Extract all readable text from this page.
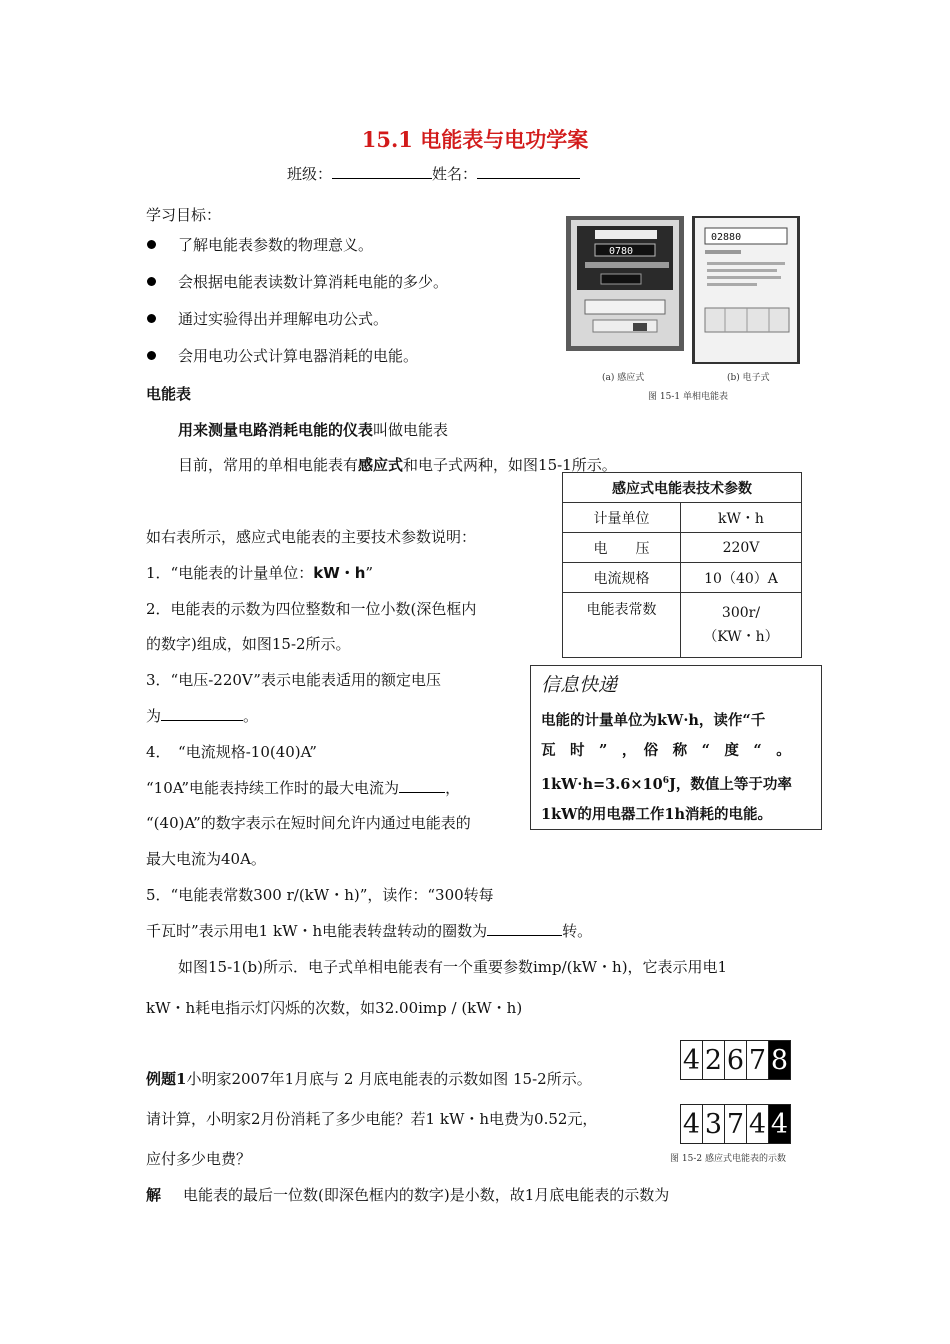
15.1 电能表与电功学案
班级：	姓名：
学习目标：
了解电能表参数的物理意义。
会根据电能表读数计算消耗电能的多少。
通过实验得出并理解电功公式。
会用电功公式计算电器消耗的电能。
0780
02880
(a) 感应式	(b) 电子式
图 15-1 单相电能表
电能表
用来测量电路消耗电能的仪表叫做电能表
目前，常用的单相电能表有感应式和电子式两种，如图15-1所示。
感应式电能表技术参数	
计量单位	kW・h
电　　压	220V
电流规格	10（40）A
电能表常数	300r/
（KW・h）
如右表所示，感应式电能表的主要技术参数说明：
1．“电能表的计量单位：kW・h”
2．电能表的示数为四位整数和一位小数(深色框内
的数字)组成，如图15-2所示。
3．“电压-220V”表示电能表适用的额定电压
为	。
4．　“电流规格-10(40)A”
“10A”电能表持续工作时的最大电流为	，
“(40)A”的数字表示在短时间允许内通过电能表的
最大电流为40A。
5．“电能表常数300 r/(kW・h)”，读作：“300转每
千瓦时”表示用电1 kW・h电能表转盘转动的圈数为	转。
信息快递
电能的计量单位为kW·h，读作“千
瓦　时　”　，　俗　称　“　度　“　。
$1kW\cdot h=3.6\times 10^6J$，数值上等于功率
1kW的用电器工作1h消耗的电能。
如图15-1(b)所示．电子式单相电能表有一个重要参数imp/(kW・h)，它表示用电1
kW・h耗电指示灯闪烁的次数，如32.00imp / (kW・h)
例题1小明家2007年1月底与 2 月底电能表的示数如图 15-2所示。
请计算，小明家2月份消耗了多少电能？若1 kW・h电费为0.52元，
应付多少电费？
4 2 6 7 8
4 3 7 4 4
图 15-2 感应式电能表的示数
解 电能表的最后一位数(即深色框内的数字)是小数，故1月底电能表的示数为
